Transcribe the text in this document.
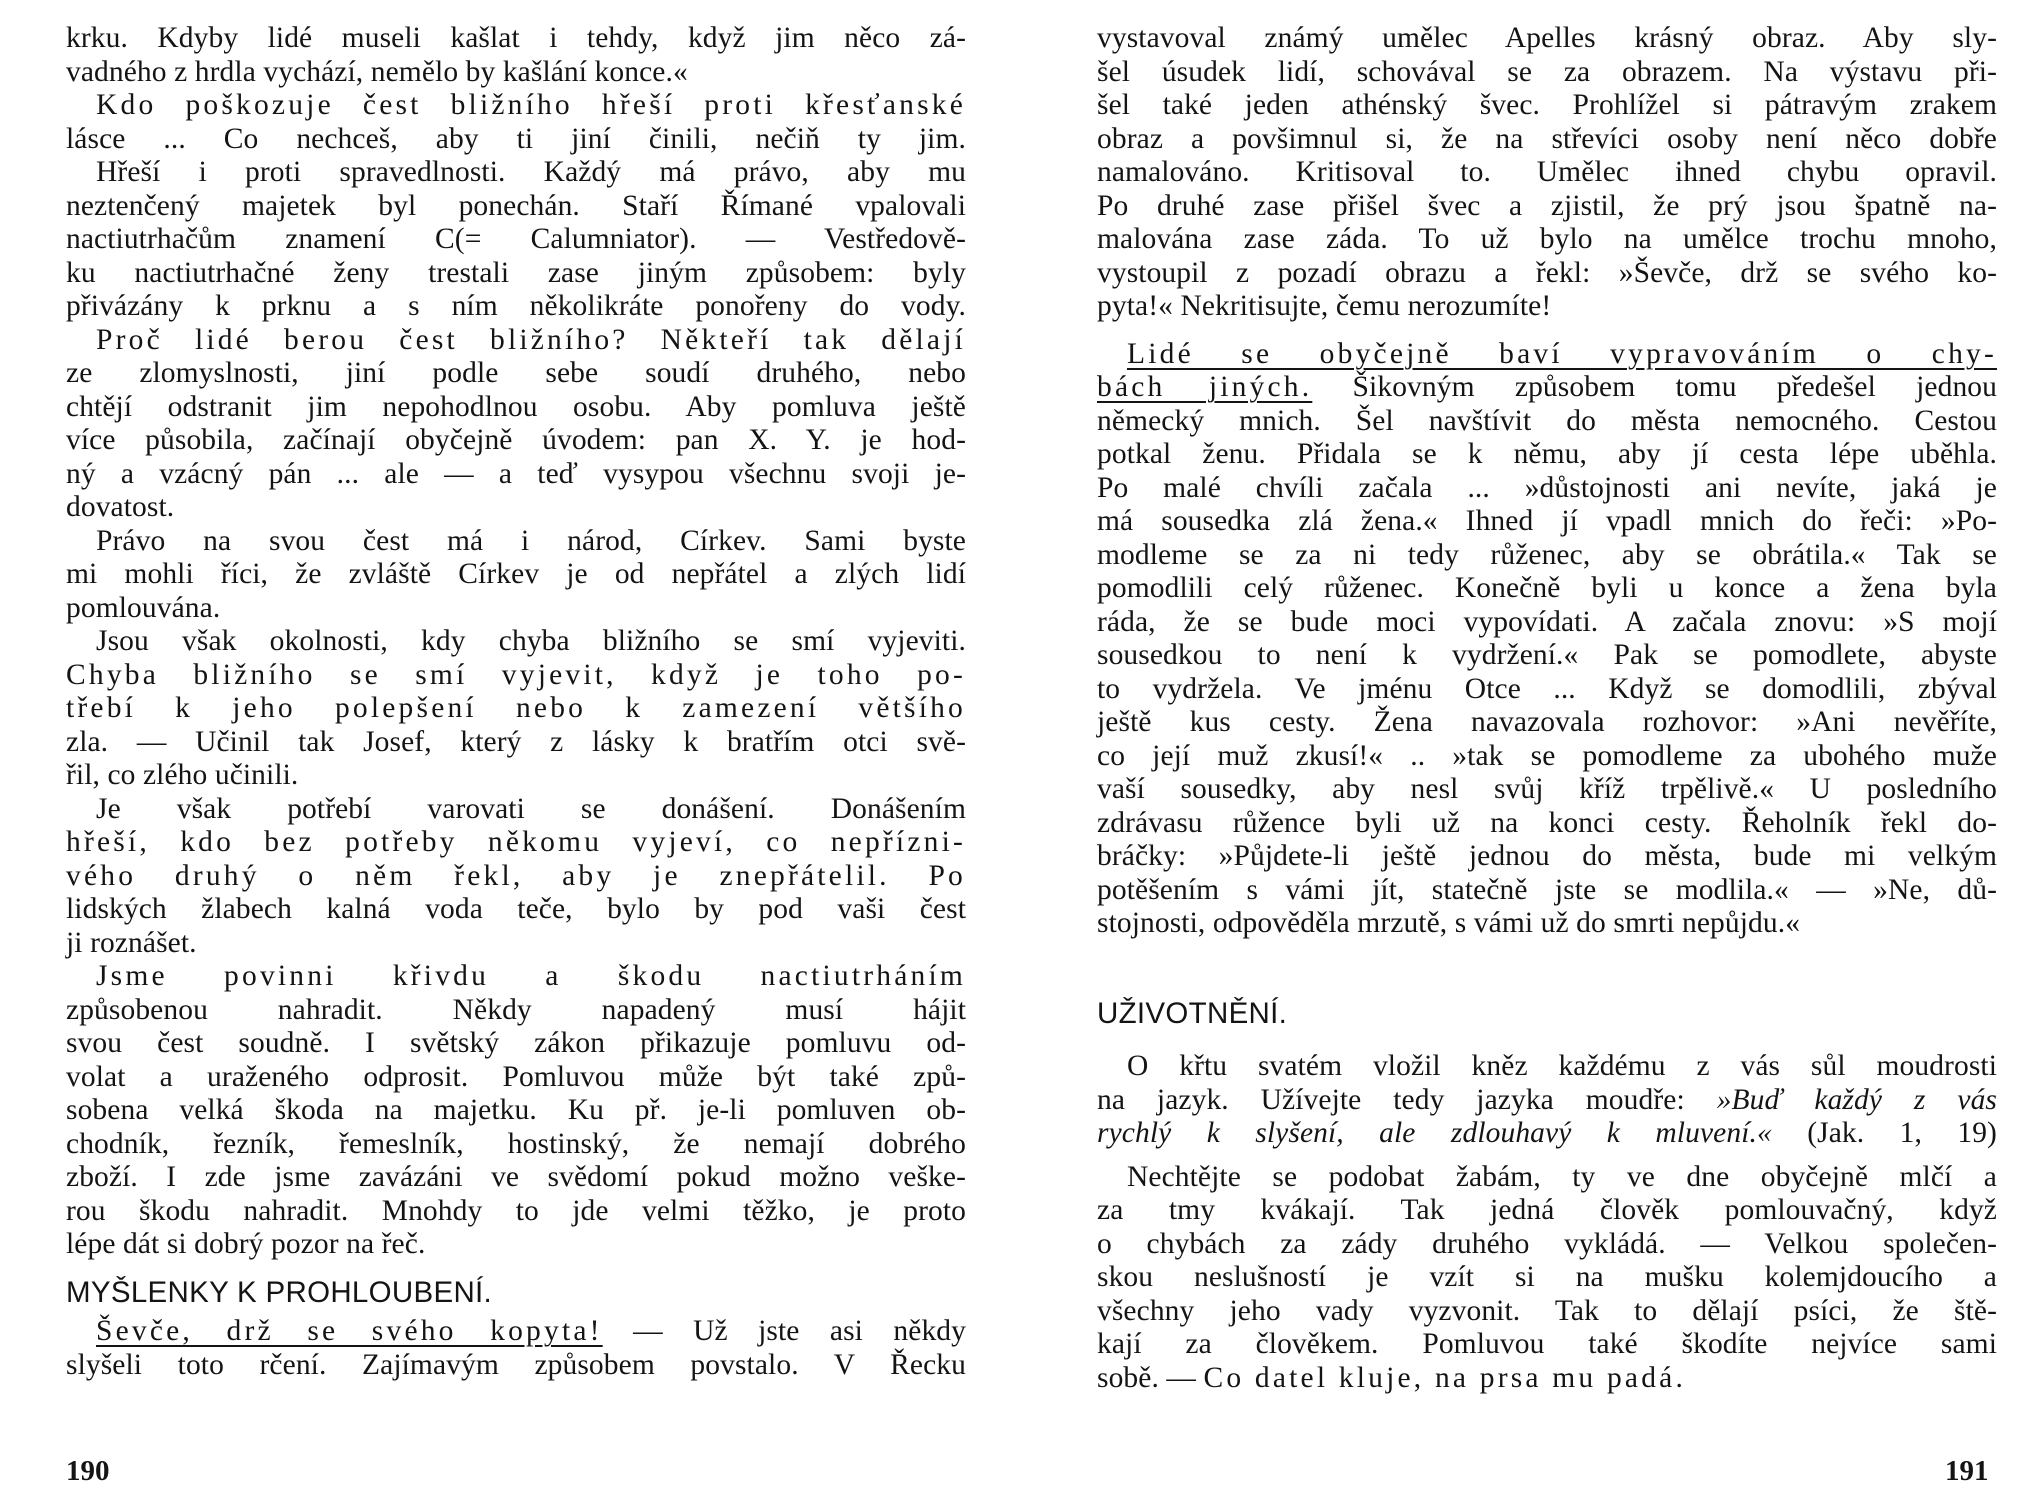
krku. Kdyby lidé museli kašlat i tehdy, když jim něco zá-
vadného z hrdla vychází, nemělo by kašlání konce.«
Kdo poškozuje čest bližního hřeší proti křesťanské
lásce ... Co nechceš, aby ti jiní činili, nečiň ty jim.
Hřeší i proti spravedlnosti. Každý má právo, aby mu
neztenčený majetek byl ponechán. Staří Římané vpalovali
nactiutrhačům znamení C(= Calumniator). — Vestředově-
ku nactiutrhačné ženy trestali zase jiným způsobem: byly
přivázány k prknu a s ním několikráte ponořeny do vody.
Proč lidé berou čest bližního? Někteří tak dělají
ze zlomyslnosti, jiní podle sebe soudí druhého, nebo
chtějí odstranit jim nepohodlnou osobu. Aby pomluva ještě
více působila, začínají obyčejně úvodem: pan X. Y. je hod-
ný a vzácný pán ... ale — a teď vysypou všechnu svoji je-
dovatost.
Právo na svou čest má i národ, Církev. Sami byste
mi mohli říci, že zvláště Církev je od nepřátel a zlých lidí
pomlouvána.
Jsou však okolnosti, kdy chyba bližního se smí vyjeviti.
Chyba bližního se smí vyjevit, když je toho po-
třebí k jeho polepšení nebo k zamezení většího
zla. — Učinil tak Josef, který z lásky k bratřím otci svě-
řil, co zlého učinili.
Je však potřebí varovati se donášení. Donášením
hřeší, kdo bez potřeby někomu vyjeví, co nepřízni-
vého druhý o něm řekl, aby je znepřátelil. Po
lidských žlabech kalná voda teče, bylo by pod vaši čest
ji roznášet.
Jsme povinni křivdu a škodu nactiutrháním
způsobenou nahradit. Někdy napadený musí hájit
svou čest soudně. I světský zákon přikazuje pomluvu od-
volat a uraženého odprosit. Pomluvou může být také způ-
sobena velká škoda na majetku. Ku př. je-li pomluven ob-
chodník, řezník, řemeslník, hostinský, že nemají dobrého
zboží. I zde jsme zavázáni ve svědomí pokud možno veške-
rou škodu nahradit. Mnohdy to jde velmi těžko, je proto
lépe dát si dobrý pozor na řeč.
MYŠLENKY K PROHLOUBENÍ.
Ševče, drž se svého kopyta! — Už jste asi někdy
slyšeli toto rčení. Zajímavým způsobem povstalo. V Řecku
190
vystavoval známý umělec Apelles krásný obraz. Aby sly-
šel úsudek lidí, schovával se za obrazem. Na výstavu při-
šel také jeden athénský švec. Prohlížel si pátravým zrakem
obraz a povšimnul si, že na střevíci osoby není něco dobře
namalováno. Kritisoval to. Umělec ihned chybu opravil.
Po druhé zase přišel švec a zjistil, že prý jsou špatně na-
malována zase záda. To už bylo na umělce trochu mnoho,
vystoupil z pozadí obrazu a řekl: »Ševče, drž se svého ko-
pyta!« Nekritisujte, čemu nerozumíte!
Lidé se obyčejně baví vypravováním o chy-
bách jiných. Šikovným způsobem tomu předešel jednou
německý mnich. Šel navštívit do města nemocného. Cestou
potkal ženu. Přidala se k němu, aby jí cesta lépe uběhla.
Po malé chvíli začala ... »důstojnosti ani nevíte, jaká je
má sousedka zlá žena.« Ihned jí vpadl mnich do řeči: »Po-
modleme se za ni tedy růženec, aby se obrátila.« Tak se
pomodlili celý růženec. Konečně byli u konce a žena byla
ráda, že se bude moci vypovídati. A začala znovu: »S mojí
sousedkou to není k vydržení.« Pak se pomodlete, abyste
to vydržela. Ve jménu Otce ... Když se domodlili, zbýval
ještě kus cesty. Žena navazovala rozhovor: »Ani nevěříte,
co její muž zkusí!« .. »tak se pomodleme za ubohého muže
vaší sousedky, aby nesl svůj kříž trpělivě.« U posledního
zdrávasu růžence byli už na konci cesty. Řeholník řekl do-
bráčky: »Půjdete-li ještě jednou do města, bude mi velkým
potěšením s vámi jít, statečně jste se modlila.« — »Ne, dů-
stojnosti, odpověděla mrzutě, s vámi už do smrti nepůjdu.«
UŽIVOTNĚNÍ.
O křtu svatém vložil kněz každému z vás sůl moudrosti
na jazyk. Užívejte tedy jazyka moudře: »Buď každý z vás
rychlý k slyšení, ale zdlouhavý k mluvení.« (Jak. 1, 19)
Nechtějte se podobat žabám, ty ve dne obyčejně mlčí a
za tmy kvákají. Tak jedná člověk pomlouvačný, když
o chybách za zády druhého vykládá. — Velkou společen-
skou neslušností je vzít si na mušku kolemjdoucího a
všechny jeho vady vyzvonit. Tak to dělají psíci, že ště-
kají za člověkem. Pomluvou také škodíte nejvíce sami
sobě. — Co datel kluje, na prsa mu padá.
191
